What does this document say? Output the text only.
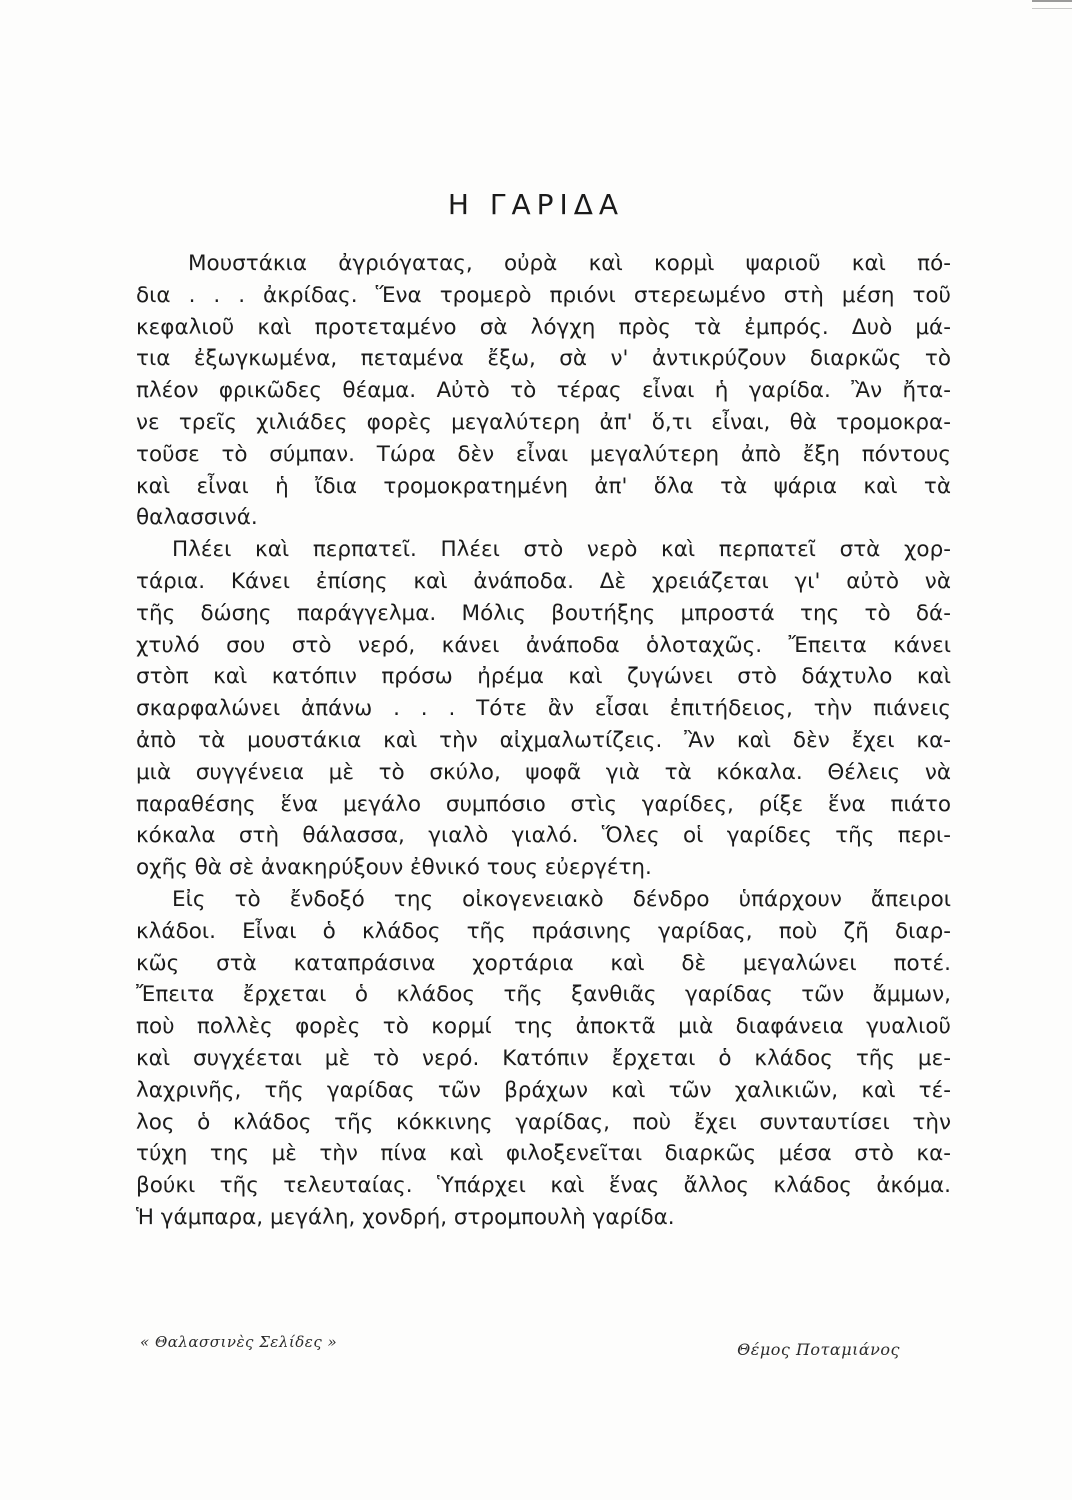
Η ΓΑΡΙΔΑ
Μουστάκια ἀγριόγατας, οὐρὰ καὶ κορμὶ ψαριοῦ καὶ πό-
δια . . . ἀκρίδας. Ἕνα τρομερὸ πριόνι στερεωμένο στὴ μέση τοῦ
κεφαλιοῦ καὶ προτεταμένο σὰ λόγχη πρὸς τὰ ἐμπρός. Δυὸ μά-
τια ἐξωγκωμένα, πεταμένα ἔξω, σὰ ν' ἀντικρύζουν διαρκῶς τὸ
πλέον φρικῶδες θέαμα. Αὐτὸ τὸ τέρας εἶναι ἡ γαρίδα. Ἂν ἤτα-
νε τρεῖς χιλιάδες φορὲς μεγαλύτερη ἀπ' ὅ,τι εἶναι, θὰ τρομοκρα-
τοῦσε τὸ σύμπαν. Τώρα δὲν εἶναι μεγαλύτερη ἀπὸ ἔξη πόντους
καὶ εἶναι ἡ ἴδια τρομοκρατημένη ἀπ' ὅλα τὰ ψάρια καὶ τὰ
θαλασσινά.
Πλέει καὶ περπατεῖ. Πλέει στὸ νερὸ καὶ περπατεῖ στὰ χορ-
τάρια. Κάνει ἐπίσης καὶ ἀνάποδα. Δὲ χρειάζεται γι' αὐτὸ νὰ
τῆς δώσης παράγγελμα. Μόλις βουτήξης μπροστά της τὸ δά-
χτυλό σου στὸ νερό, κάνει ἀνάποδα ὁλοταχῶς. Ἔπειτα κάνει
στὸπ καὶ κατόπιν πρόσω ἠρέμα καὶ ζυγώνει στὸ δάχτυλο καὶ
σκαρφαλώνει ἀπάνω . . . Τότε ἂν εἶσαι ἐπιτήδειος, τὴν πιάνεις
ἀπὸ τὰ μουστάκια καὶ τὴν αἰχμαλωτίζεις. Ἂν καὶ δὲν ἔχει κα-
μιὰ συγγένεια μὲ τὸ σκύλο, ψοφᾶ γιὰ τὰ κόκαλα. Θέλεις νὰ
παραθέσης ἕνα μεγάλο συμπόσιο στὶς γαρίδες, ρίξε ἕνα πιάτο
κόκαλα στὴ θάλασσα, γιαλὸ γιαλό. Ὅλες οἱ γαρίδες τῆς περι-
οχῆς θὰ σὲ ἀνακηρύξουν ἐθνικό τους εὐεργέτη.
Εἰς τὸ ἔνδοξό της οἰκογενειακὸ δένδρο ὑπάρχουν ἄπειροι
κλάδοι. Εἶναι ὁ κλάδος τῆς πράσινης γαρίδας, ποὺ ζῆ διαρ-
κῶς στὰ καταπράσινα χορτάρια καὶ δὲ μεγαλώνει ποτέ.
Ἔπειτα ἔρχεται ὁ κλάδος τῆς ξανθιᾶς γαρίδας τῶν ἄμμων,
ποὺ πολλὲς φορὲς τὸ κορμί της ἀποκτᾶ μιὰ διαφάνεια γυαλιοῦ
καὶ συγχέεται μὲ τὸ νερό. Κατόπιν ἔρχεται ὁ κλάδος τῆς με-
λαχρινῆς, τῆς γαρίδας τῶν βράχων καὶ τῶν χαλικιῶν, καὶ τέ-
λος ὁ κλάδος τῆς κόκκινης γαρίδας, ποὺ ἔχει συνταυτίσει τὴν
τύχη της μὲ τὴν πίνα καὶ φιλοξενεῖται διαρκῶς μέσα στὸ κα-
βούκι τῆς τελευταίας. Ὑπάρχει καὶ ἕνας ἄλλος κλάδος ἀκόμα.
Ἡ γάμπαρα, μεγάλη, χονδρή, στρομπουλὴ γαρίδα.
« Θαλασσινὲς Σελίδες »	Θέμος Ποταμιάνος
